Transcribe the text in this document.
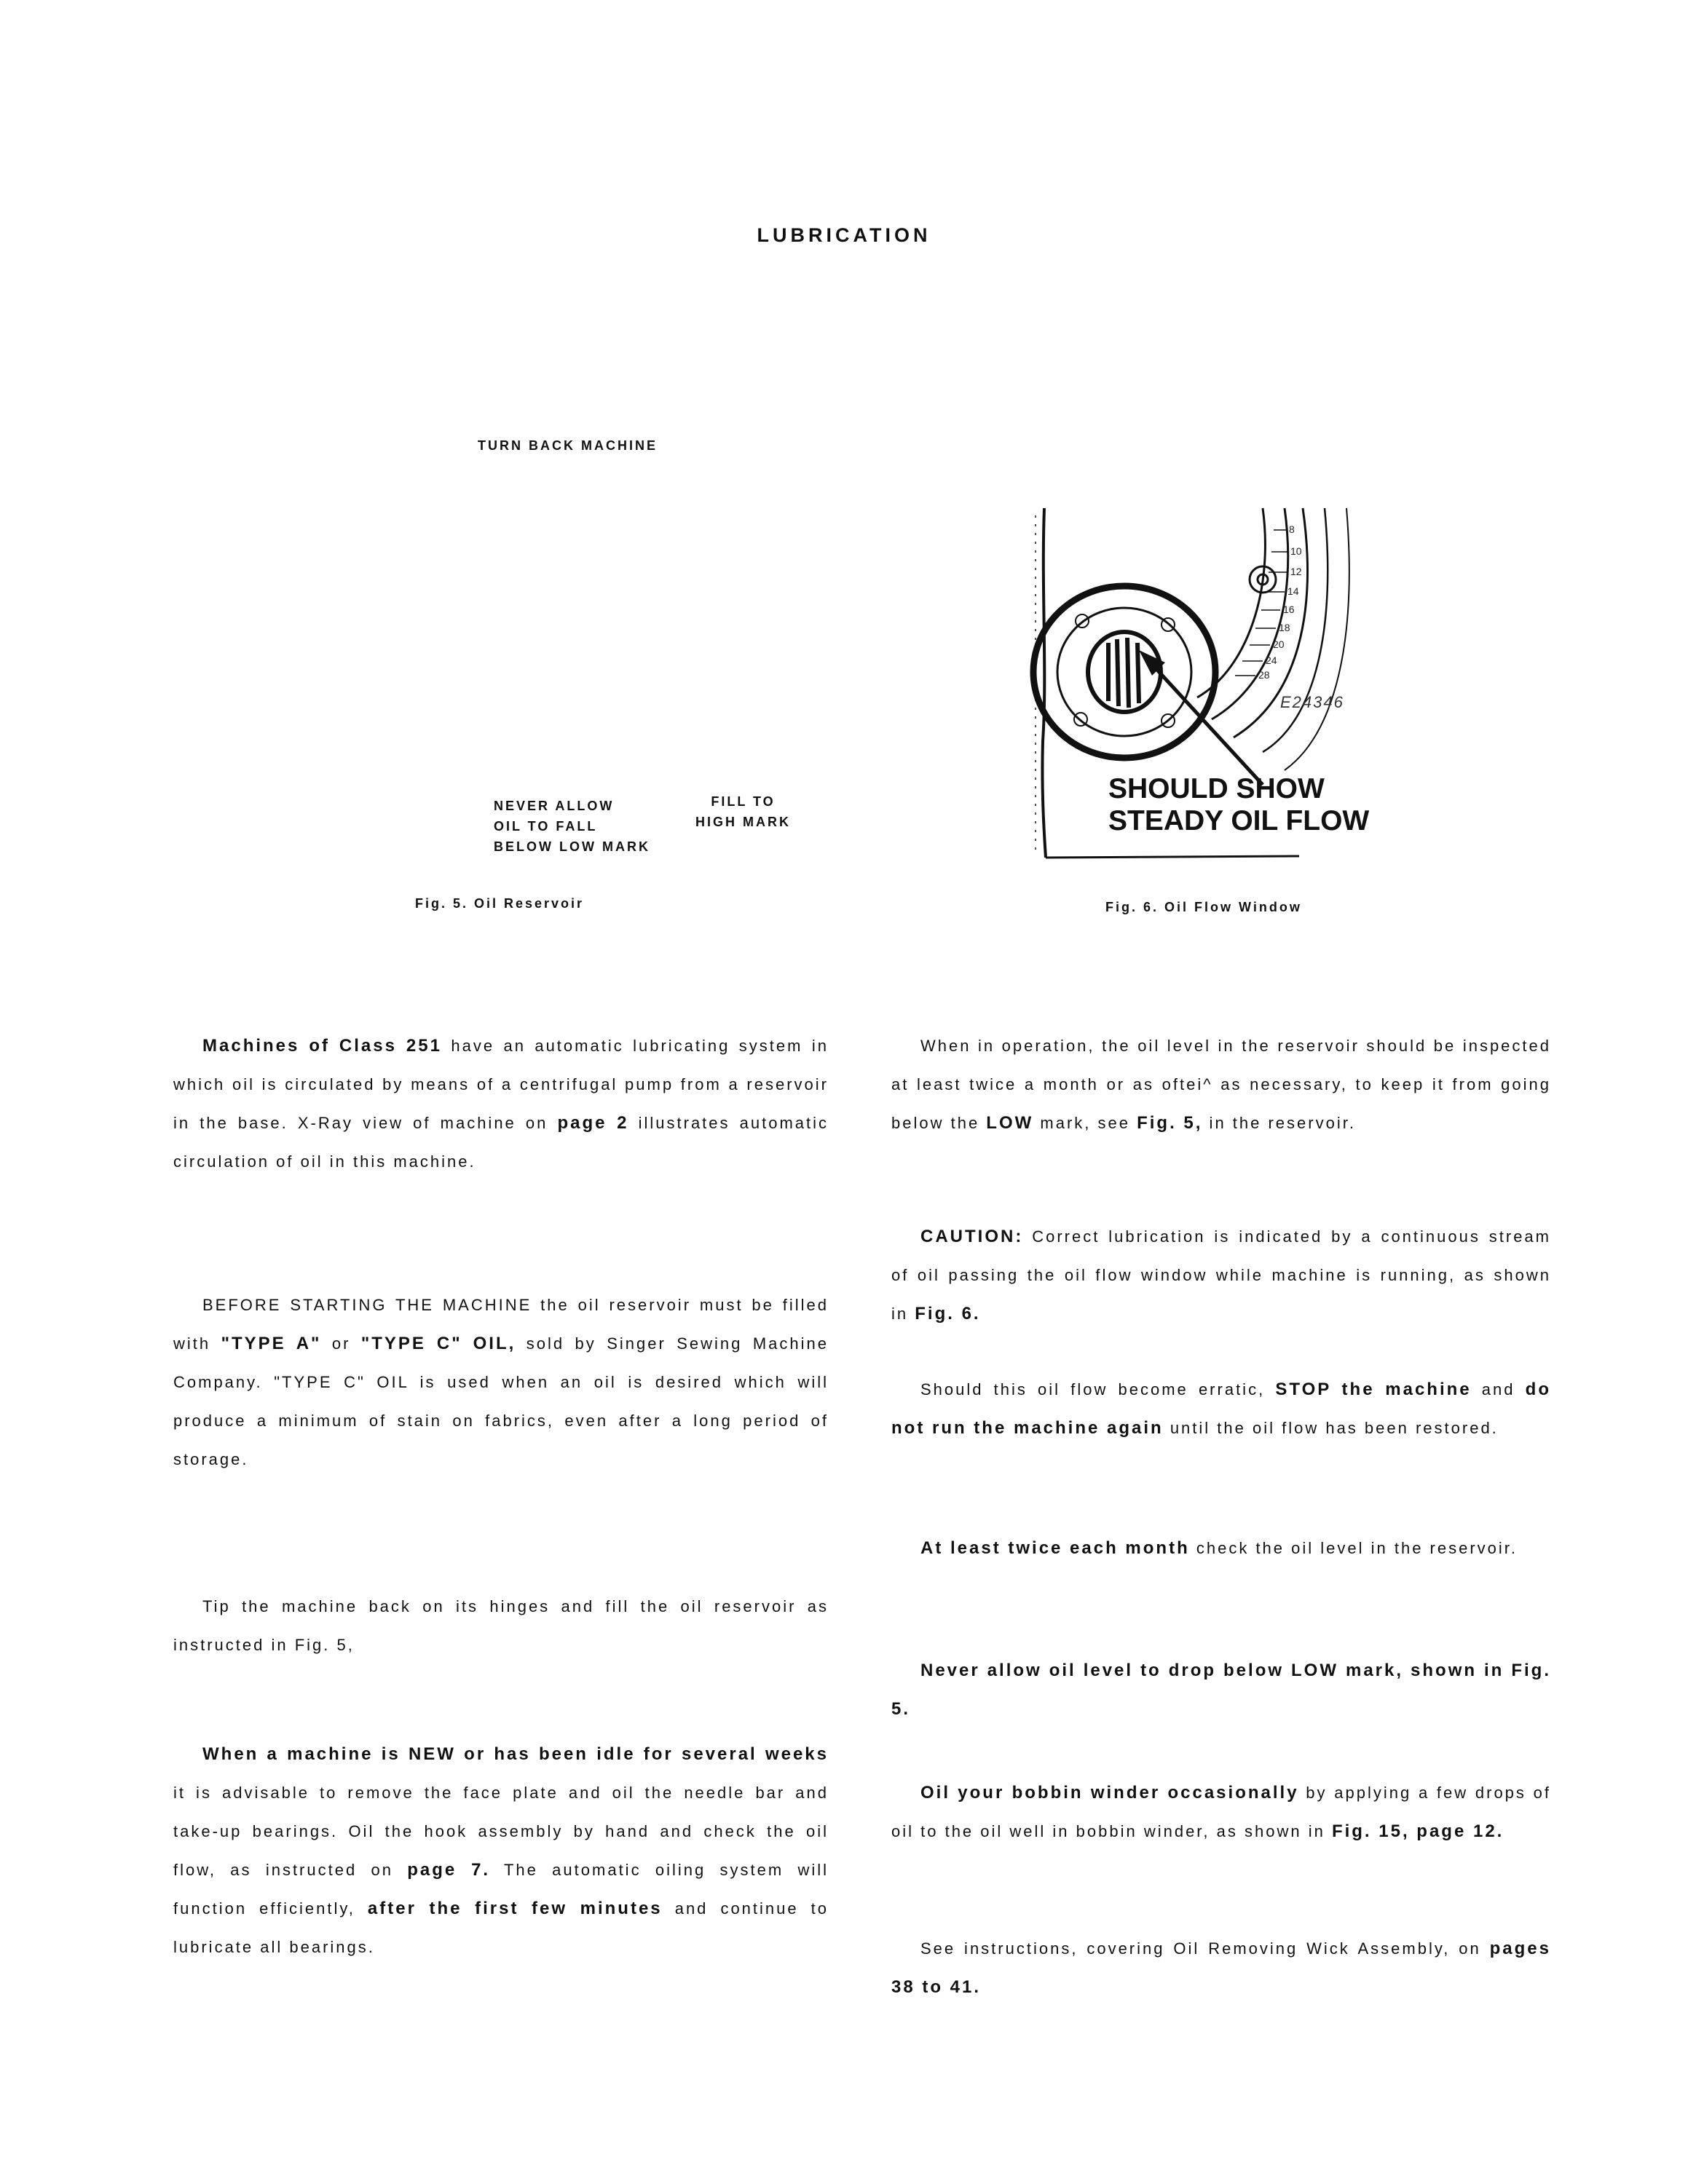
LUBRICATION
TURN BACK MACHINE
NEVER ALLOW
OIL TO FALL
BELOW LOW MARK
FILL TO
HIGH MARK
Fig. 5. Oil Reservoir
8
10
12
14
16
18
20
24
28
E24346
SHOULD SHOW
STEADY OIL FLOW
Fig. 6. Oil Flow Window

Machines of Class 251 have an automatic lubricating system in which oil is circulated by means of a centrifugal pump from a reservoir in the base. X-Ray view of machine on page 2 illustrates automatic circulation of oil in this machine.

BEFORE STARTING THE MACHINE the oil reservoir must be filled with "TYPE A" or "TYPE C" OIL, sold by Singer Sewing Machine Company. "TYPE C" OIL is used when an oil is desired which will produce a minimum of stain on fabrics, even after a long period of storage.

Tip the machine back on its hinges and fill the oil reservoir as instructed in Fig. 5,

When a machine is NEW or has been idle for several weeks it is advisable to remove the face plate and oil the needle bar and take-up bearings. Oil the hook assembly by hand and check the oil flow, as instructed on page 7. The automatic oiling system will function efficiently, after the first few minutes and continue to lubricate all bearings.

When in operation, the oil level in the reservoir should be inspected at least twice a month or as oftei^ as necessary, to keep it from going below the LOW mark, see Fig. 5, in the reservoir.

CAUTION: Correct lubrication is indicated by a continuous stream of oil passing the oil flow window while machine is running, as shown in Fig. 6.

Should this oil flow become erratic, STOP the machine and do not run the machine again until the oil flow has been restored.

At least twice each month check the oil level in the reservoir.

Never allow oil level to drop below LOW mark, shown in Fig. 5.

Oil your bobbin winder occasionally by applying a few drops of oil to the oil well in bobbin winder, as shown in Fig. 15, page 12.

See instructions, covering Oil Removing Wick Assembly, on pages 38 to 41.
